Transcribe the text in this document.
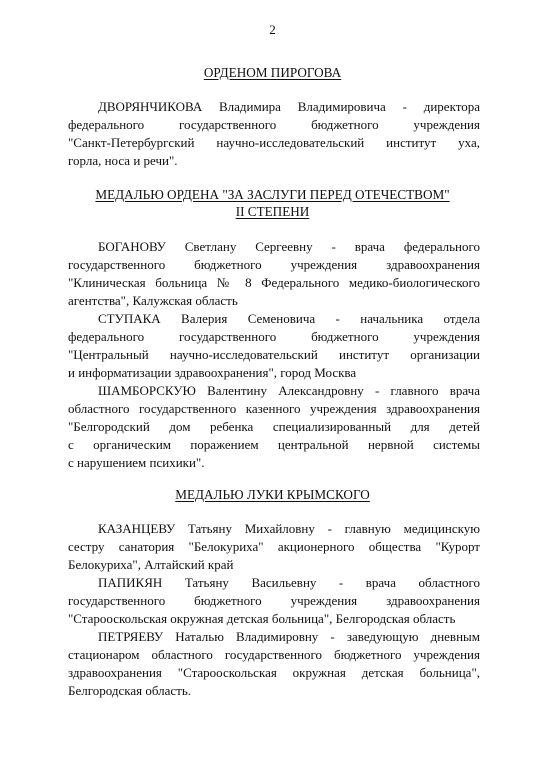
2
ОРДЕНОМ ПИРОГОВА
ДВОРЯНЧИКОВА Владимира Владимировича - директора
федерального государственного бюджетного учреждения
"Санкт-Петербургский научно-исследовательский институт уха,
горла, носа и речи".
МЕДАЛЬЮ ОРДЕНА "ЗА ЗАСЛУГИ ПЕРЕД ОТЕЧЕСТВОМ"
II СТЕПЕНИ
БОГАНОВУ Светлану Сергеевну - врача федерального
государственного бюджетного учреждения здравоохранения
"Клиническая больница № 8 Федерального медико-биологического
агентства", Калужская область
СТУПАКА Валерия Семеновича - начальника отдела
федерального государственного бюджетного учреждения
"Центральный научно-исследовательский институт организации
и информатизации здравоохранения", город Москва
ШАМБОРСКУЮ Валентину Александровну - главного врача
областного государственного казенного учреждения здравоохранения
"Белгородский дом ребенка специализированный для детей
с органическим поражением центральной нервной системы
с нарушением психики".
МЕДАЛЬЮ ЛУКИ КРЫМСКОГО
КАЗАНЦЕВУ Татьяну Михайловну - главную медицинскую
сестру санатория "Белокуриха" акционерного общества "Курорт
Белокуриха", Алтайский край
ПАПИКЯН Татьяну Васильевну - врача областного
государственного бюджетного учреждения здравоохранения
"Старооскольская окружная детская больница", Белгородская область
ПЕТРЯЕВУ Наталью Владимировну - заведующую дневным
стационаром областного государственного бюджетного учреждения
здравоохранения "Старооскольская окружная детская больница",
Белгородская область.
